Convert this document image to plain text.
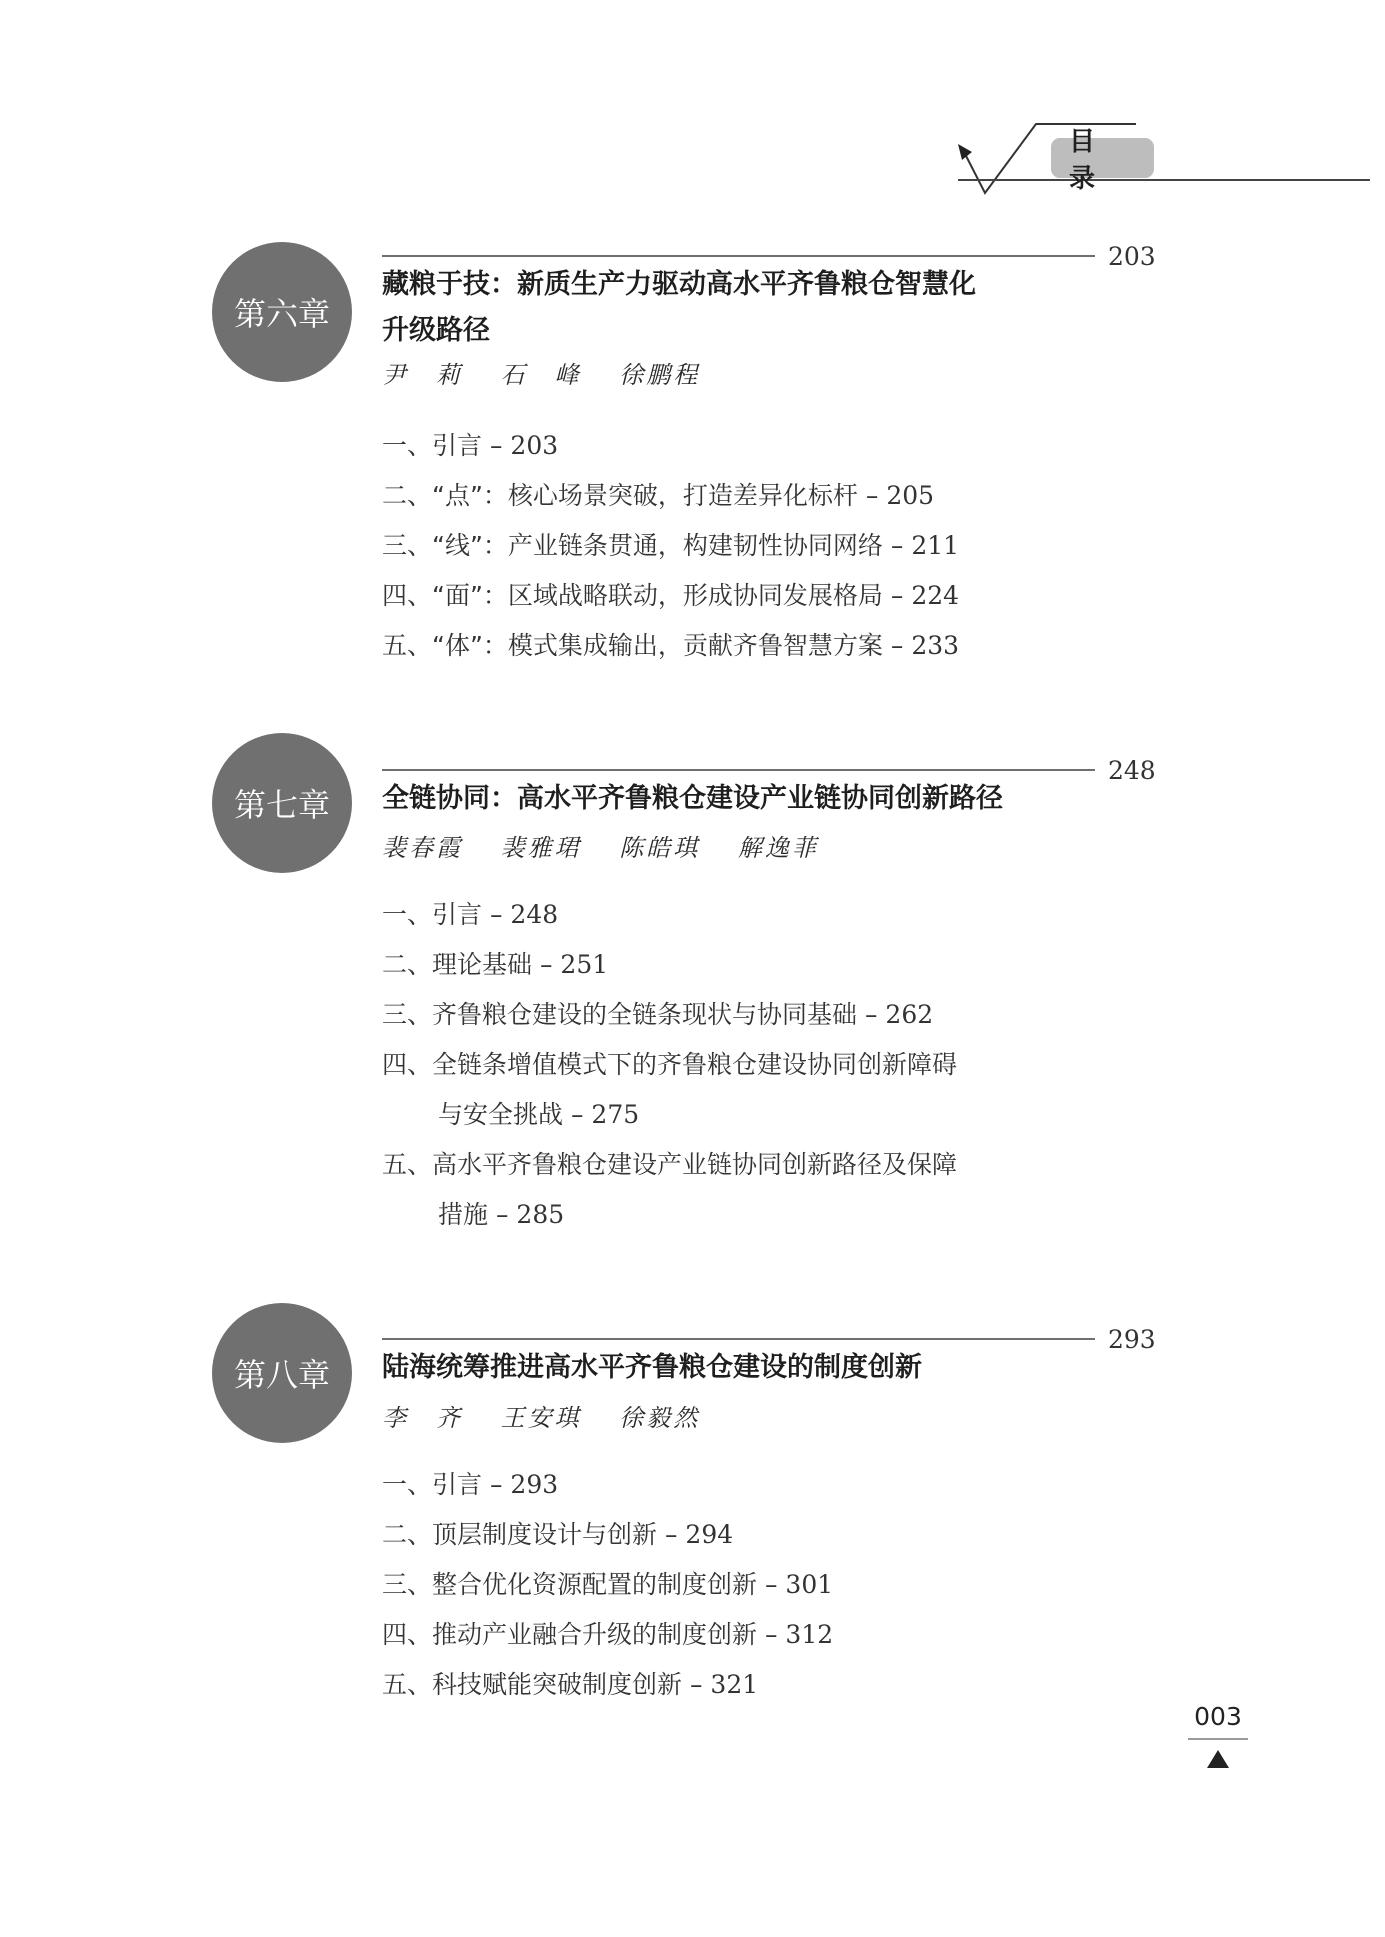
目 录
第六章
203
藏粮于技：新质生产力驱动高水平齐鲁粮仓智慧化
升级路径
尹　莉　 石　峰　 徐鹏程
一、引言 – 203
二、“点”：核心场景突破，打造差异化标杆 – 205
三、“线”：产业链条贯通，构建韧性协同网络 – 211
四、“面”：区域战略联动，形成协同发展格局 – 224
五、“体”：模式集成输出，贡献齐鲁智慧方案 – 233
第七章
248
全链协同：高水平齐鲁粮仓建设产业链协同创新路径
裴春霞　 裴雅珺　 陈皓琪　 解逸菲
一、引言 – 248
二、理论基础 – 251
三、齐鲁粮仓建设的全链条现状与协同基础 – 262
四、全链条增值模式下的齐鲁粮仓建设协同创新障碍
与安全挑战 – 275
五、高水平齐鲁粮仓建设产业链协同创新路径及保障
措施 – 285
第八章
293
陆海统筹推进高水平齐鲁粮仓建设的制度创新
李　齐　 王安琪　 徐毅然
一、引言 – 293
二、顶层制度设计与创新 – 294
三、整合优化资源配置的制度创新 – 301
四、推动产业融合升级的制度创新 – 312
五、科技赋能突破制度创新 – 321
003
